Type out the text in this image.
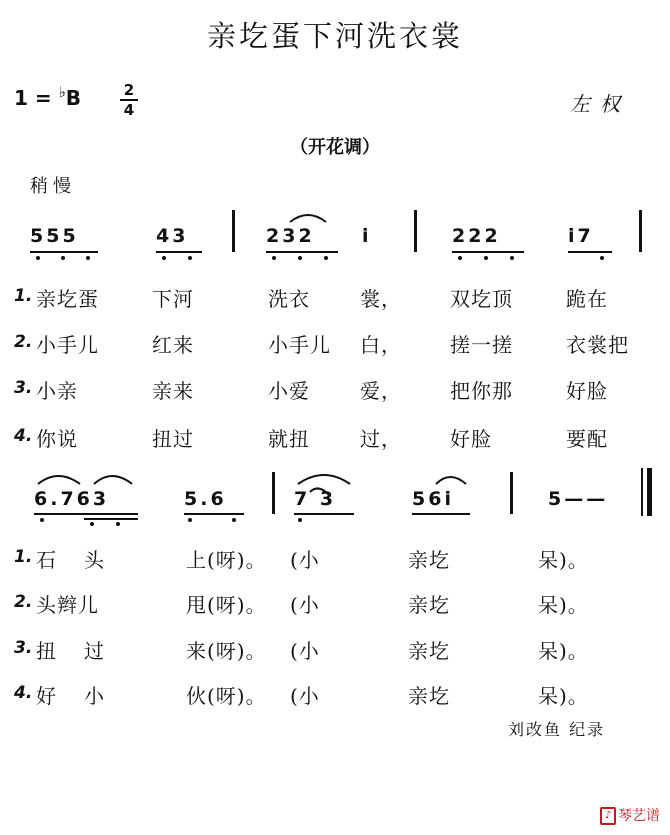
亲圪蛋下河洗衣裳
1 = ♭B	2
4	左权
（开花调）
稍慢
555	43	232 i	222	i7
1. 亲圪蛋	下河	洗衣	裳， 双圪顶	跪在
2. 小手儿	红来	小手儿 白， 搓一搓	衣裳把
3. 小亲	亲来	小爱	爱， 把你那	好脸
4. 你说	扭过	就扭	过， 好脸	要配
6.763	5.6	7 3	56i	5——
1. 石 头	上(呀)。 (小	亲圪	呆)。
2. 头辫儿	甩(呀)。 (小	亲圪	呆)。
3. 扭 过	来(呀)。 (小	亲圪	呆)。
4. 好 小	伙(呀)。 (小	亲圪	呆)。
刘改鱼 纪录
♪ 琴艺谱
